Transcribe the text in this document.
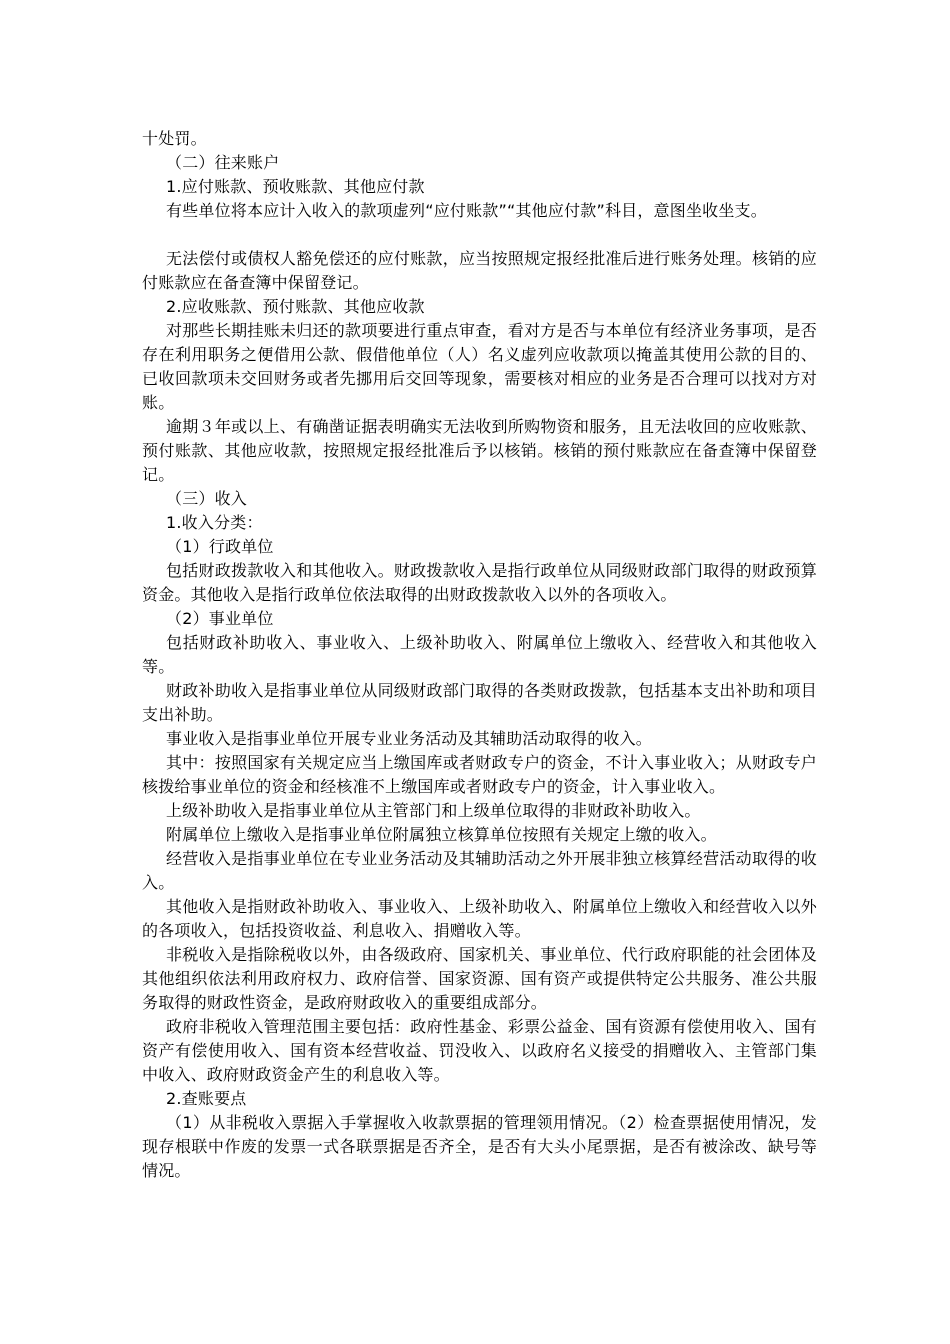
十处罚。

（二）往来账户

1.应付账款、预收账款、其他应付款

有些单位将本应计入收入的款项虚列“应付账款”“其他应付款”科目，意图坐收坐支。

无法偿付或债权人豁免偿还的应付账款，应当按照规定报经批准后进行账务处理。核销的应付账款应在备查簿中保留登记。

2.应收账款、预付账款、其他应收款

对那些长期挂账未归还的款项要进行重点审查，看对方是否与本单位有经济业务事项，是否存在利用职务之便借用公款、假借他单位（人）名义虚列应收款项以掩盖其使用公款的目的、已收回款项未交回财务或者先挪用后交回等现象，需要核对相应的业务是否合理可以找对方对账。

逾期３年或以上、有确凿证据表明确实无法收到所购物资和服务，且无法收回的应收账款、预付账款、其他应收款，按照规定报经批准后予以核销。核销的预付账款应在备查簿中保留登记。

（三）收入

1.收入分类：

（1）行政单位

包括财政拨款收入和其他收入。财政拨款收入是指行政单位从同级财政部门取得的财政预算资金。其他收入是指行政单位依法取得的出财政拨款收入以外的各项收入。

（2）事业单位

包括财政补助收入、事业收入、上级补助收入、附属单位上缴收入、经营收入和其他收入等。

财政补助收入是指事业单位从同级财政部门取得的各类财政拨款，包括基本支出补助和项目支出补助。

事业收入是指事业单位开展专业业务活动及其辅助活动取得的收入。

其中：按照国家有关规定应当上缴国库或者财政专户的资金，不计入事业收入；从财政专户核拨给事业单位的资金和经核准不上缴国库或者财政专户的资金，计入事业收入。

上级补助收入是指事业单位从主管部门和上级单位取得的非财政补助收入。

附属单位上缴收入是指事业单位附属独立核算单位按照有关规定上缴的收入。

经营收入是指事业单位在专业业务活动及其辅助活动之外开展非独立核算经营活动取得的收入。

其他收入是指财政补助收入、事业收入、上级补助收入、附属单位上缴收入和经营收入以外的各项收入，包括投资收益、利息收入、捐赠收入等。

非税收入是指除税收以外，由各级政府、国家机关、事业单位、代行政府职能的社会团体及其他组织依法利用政府权力、政府信誉、国家资源、国有资产或提供特定公共服务、准公共服务取得的财政性资金，是政府财政收入的重要组成部分。

政府非税收入管理范围主要包括：政府性基金、彩票公益金、国有资源有偿使用收入、国有资产有偿使用收入、国有资本经营收益、罚没收入、以政府名义接受的捐赠收入、主管部门集中收入、政府财政资金产生的利息收入等。

2.查账要点

（1）从非税收入票据入手掌握收入收款票据的管理领用情况。（2）检查票据使用情况，发现存根联中作废的发票一式各联票据是否齐全，是否有大头小尾票据，是否有被涂改、缺号等情况。
